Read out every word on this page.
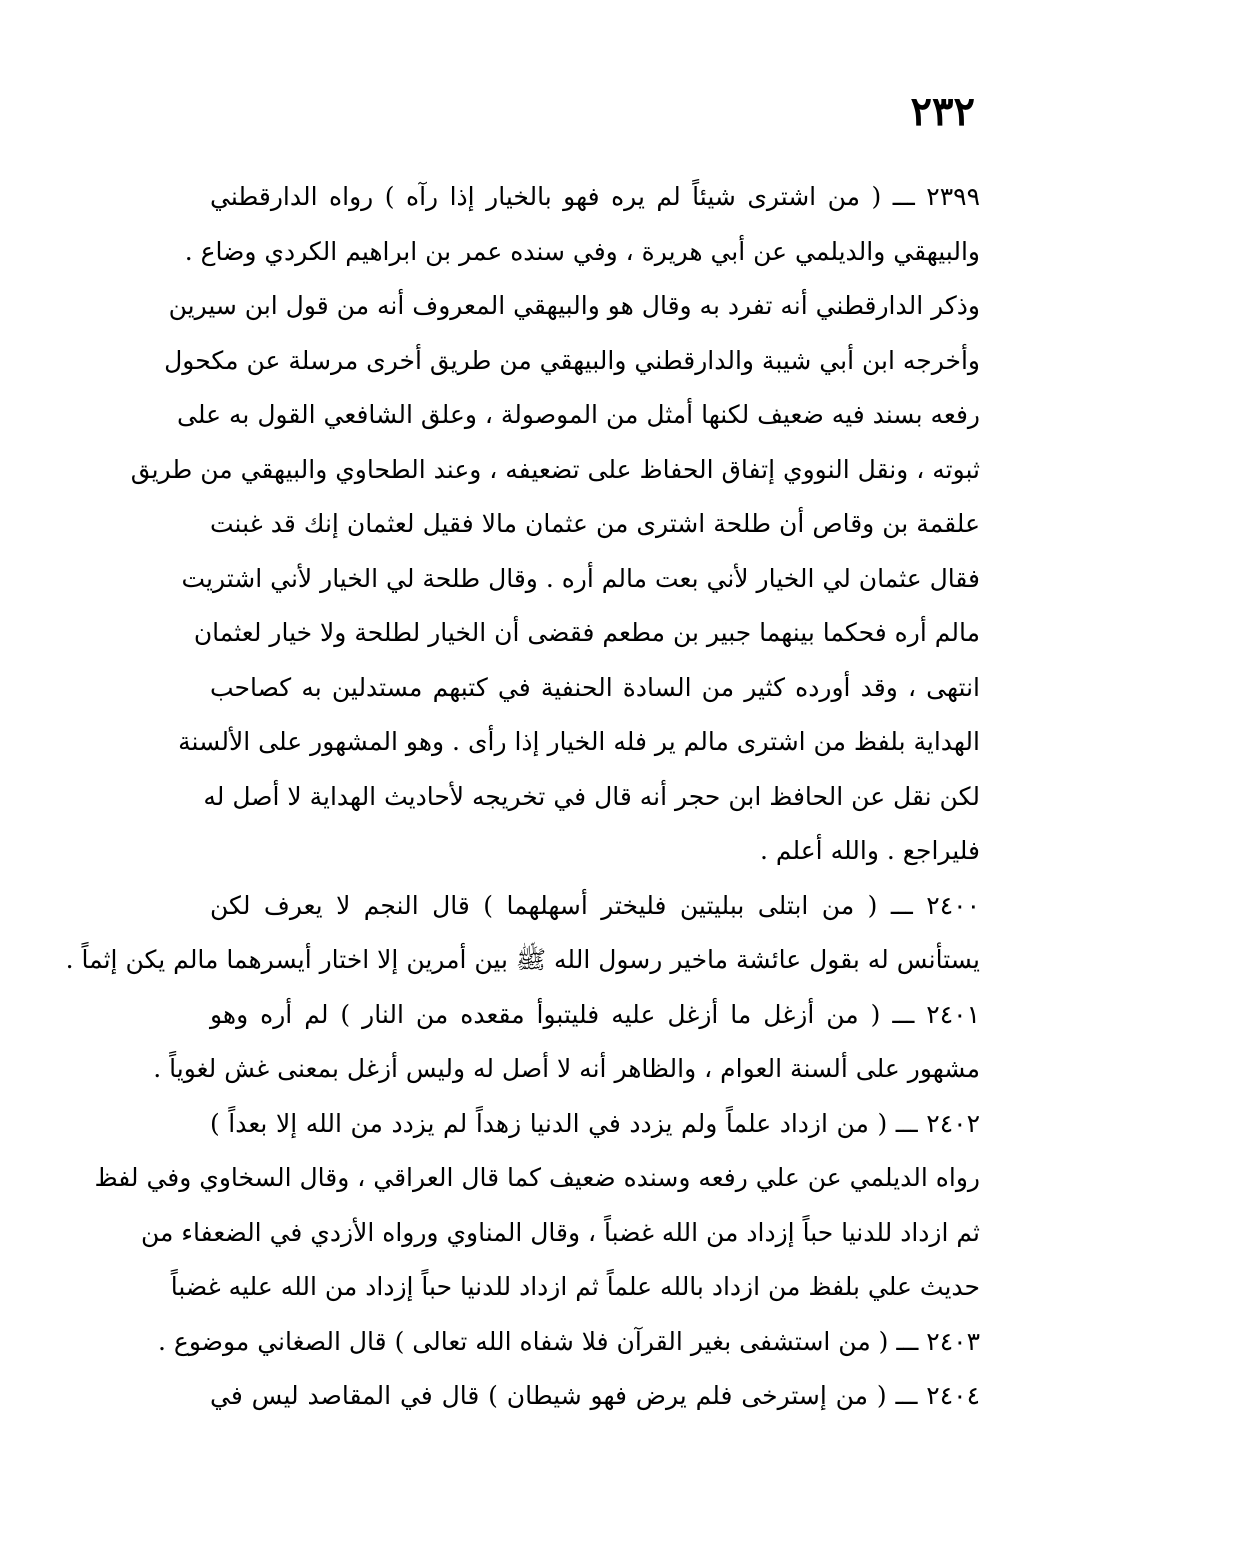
٢٣٢
٢٣٩٩ ـــ ( من اشترى شيئاً لم يره فهو بالخيار إذا رآه ) رواه الدارقطني
والبيهقي والديلمي عن أبي هريرة ، وفي سنده عمر بن ابراهيم الكردي وضاع .
وذكر الدارقطني أنه تفرد به وقال هو والبيهقي المعروف أنه من قول ابن سيرين
وأخرجه ابن أبي شيبة والدارقطني والبيهقي من طريق أخرى مرسلة عن مكحول
رفعه بسند فيه ضعيف لكنها أمثل من الموصولة ، وعلق الشافعي القول به على
ثبوته ، ونقل النووي إتفاق الحفاظ على تضعيفه ، وعند الطحاوي والبيهقي من طريق
علقمة بن وقاص أن طلحة اشترى من عثمان مالا فقيل لعثمان إنك قد غبنت
فقال عثمان لي الخيار لأني بعت مالم أره . وقال طلحة لي الخيار لأني اشتريت
مالم أره فحكما بينهما جبير بن مطعم فقضى أن الخيار لطلحة ولا خيار لعثمان
انتهى ، وقد أورده كثير من السادة الحنفية في كتبهم مستدلين به كصاحب
الهداية بلفظ من اشترى مالم ير فله الخيار إذا رأى . وهو المشهور على الألسنة
لكن نقل عن الحافظ ابن حجر أنه قال في تخريجه لأحاديث الهداية لا أصل له
فليراجع . والله أعلم .
٢٤٠٠ ـــ ( من ابتلى ببليتين فليختر أسهلهما ) قال النجم لا يعرف لكن
يستأنس له بقول عائشة ماخير رسول الله ﷺ بين أمرين إلا اختار أيسرهما مالم يكن إثماً .
٢٤٠١ ـــ ( من أزغل ما أزغل عليه فليتبوأ مقعده من النار ) لم أره وهو
مشهور على ألسنة العوام ، والظاهر أنه لا أصل له وليس أزغل بمعنى غش لغوياً .
٢٤٠٢ ـــ ( من ازداد علماً ولم يزدد في الدنيا زهداً لم يزدد من الله إلا بعداً )
رواه الديلمي عن علي رفعه وسنده ضعيف كما قال العراقي ، وقال السخاوي وفي لفظ
ثم ازداد للدنيا حباً إزداد من الله غضباً ، وقال المناوي ورواه الأزدي في الضعفاء من
حديث علي بلفظ من ازداد بالله علماً ثم ازداد للدنيا حباً إزداد من الله عليه غضباً
٢٤٠٣ ـــ ( من استشفى بغير القرآن فلا شفاه الله تعالى ) قال الصغاني موضوع .
٢٤٠٤ ـــ ( من إسترخى فلم يرض فهو شيطان ) قال في المقاصد ليس في
